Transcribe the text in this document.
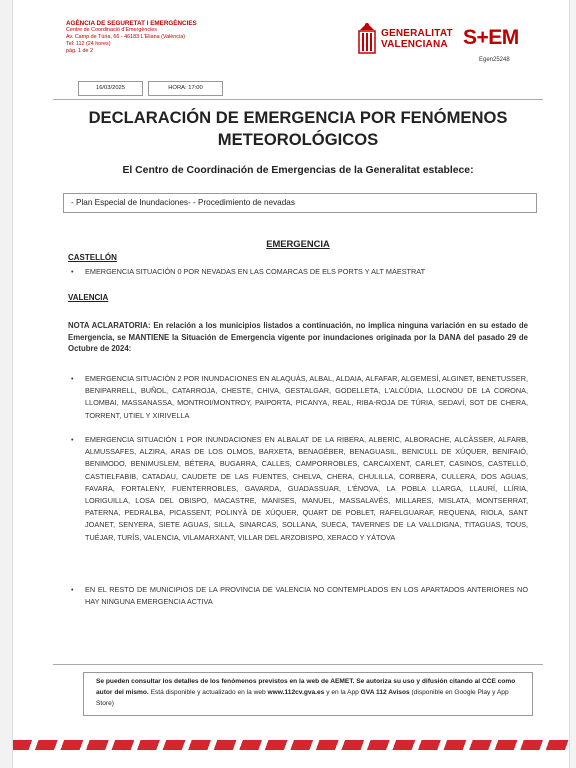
AGÈNCIA DE SEGURETAT I EMERGÈNCIES
Centre de Coordinació d'Emergències
Av. Camp de Túria, 66 - 46183 L'Eliana (València)
Tel: 112 (24 hores)
pàg. 1 de 2
GENERALITAT
VALENCIANA S+EM
Egen25248
16/03/2025	HORA: 17:00
DECLARACIÓN DE EMERGENCIA POR FENÓMENOS METEOROLÓGICOS
El Centro de Coordinación de Emergencias de la Generalitat establece:
- Plan Especial de Inundaciones- - Procedimiento de nevadas
EMERGENCIA
CASTELLÓN
• EMERGENCIA SITUACIÓN 0 POR NEVADAS EN LAS COMARCAS DE ELS PORTS Y ALT MAESTRAT
VALENCIA
NOTA ACLARATORIA: En relación a los municipios listados a continuación, no implica ninguna variación en su estado de Emergencia, se MANTIENE la Situación de Emergencia vigente por inundaciones originada por la DANA del pasado 29 de Octubre de 2024:
• EMERGENCIA SITUACIÓN 2 POR INUNDACIONES EN ALAQUÀS, ALBAL, ALDAIA, ALFAFAR, ALGEMESÍ, ALGINET, BENETUSSER, BENIPARRELL, BUÑOL, CATARROJA, CHESTE, CHIVA, GESTALGAR, GODELLETA, L'ALCÚDIA, LLOCNOU DE LA CORONA, LLOMBAI, MASSANASSA, MONTROI/MONTROY, PAIPORTA, PICANYA, REAL, RIBA-ROJA DE TÚRIA, SEDAVÍ, SOT DE CHERA, TORRENT, UTIEL Y XIRIVELLA
• EMERGENCIA SITUACIÓN 1 POR INUNDACIONES EN ALBALAT DE LA RIBERA, ALBERIC, ALBORACHE, ALCÀSSER, ALFARB, ALMUSSAFES, ALZIRA, ARAS DE LOS OLMOS, BARXETA, BENAGÉBER, BENAGUASIL, BENICULL DE XÚQUER, BENIFAIÓ, BENIMODO, BENIMUSLEM, BÉTERA, BUGARRA, CALLES, CAMPORROBLES, CARCAIXENT, CARLET, CASINOS, CASTELLÓ, CASTIELFABIB, CATADAU, CAUDETE DE LAS FUENTES, CHELVA, CHERA, CHULILLA, CORBERA, CULLERA, DOS AGUAS, FAVARA, FORTALENY, FUENTERROBLES, GAVARDA, GUADASSUAR, L'ÈNOVA, LA POBLA LLARGA, LLAURÍ, LLÍRIA, LORIGUILLA, LOSA DEL OBISPO, MACASTRE, MANISES, MANUEL, MASSALAVÉS, MILLARES, MISLATA, MONTSERRAT, PATERNA, PEDRALBA, PICASSENT, POLINYÀ DE XÚQUER, QUART DE POBLET, RAFELGUARAF, REQUENA, RIOLA, SANT JOANET, SENYERA, SIETE AGUAS, SILLA, SINARCAS, SOLLANA, SUECA, TAVERNES DE LA VALLDIGNA, TITAGUAS, TOUS, TUÉJAR, TURÍS, VALENCIA, VILAMARXANT, VILLAR DEL ARZOBISPO, XERACO Y YÁTOVA
• EN EL RESTO DE MUNICIPIOS DE LA PROVINCIA DE VALENCIA NO CONTEMPLADOS EN LOS APARTADOS ANTERIORES NO HAY NINGUNA EMERGENCIA ACTIVA
Se pueden consultar los detalles de los fenómenos previstos en la web de AEMET. Se autoriza su uso y difusión citando al CCE como autor del mismo. Está disponible y actualizado en la web www.112cv.gva.es y en la App GVA 112 Avisos (disponible en Google Play y App Store)
